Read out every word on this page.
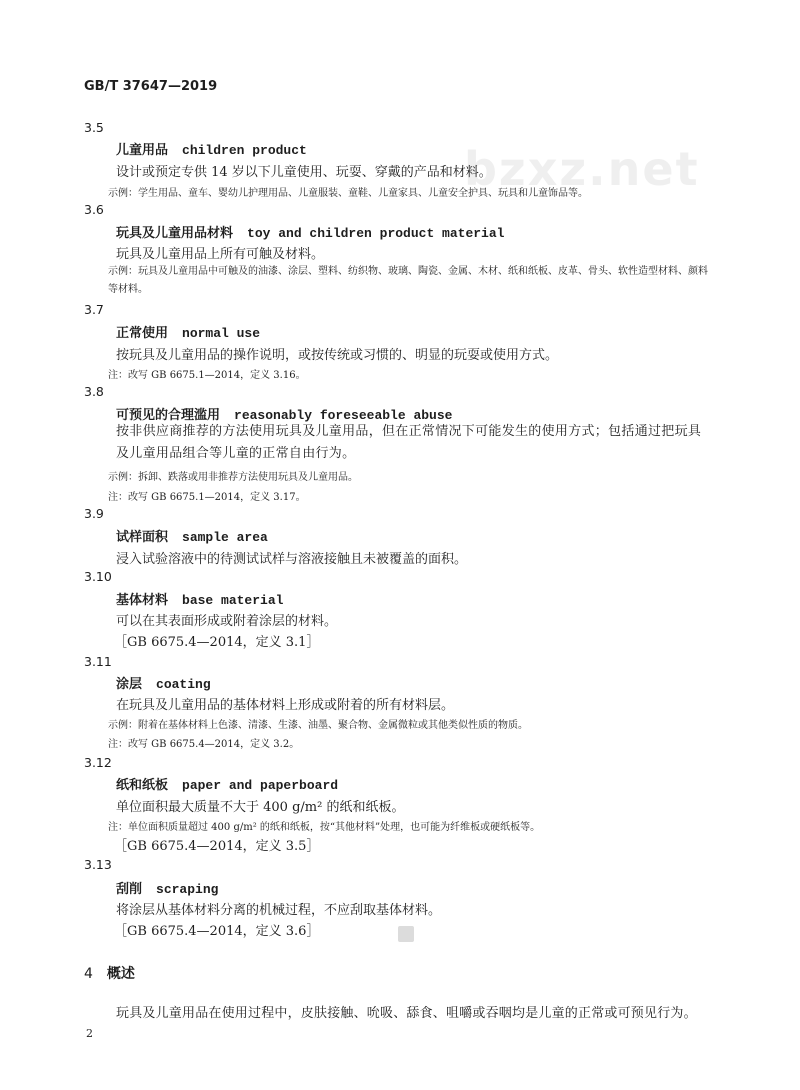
bzxz.net
GB/T 37647—2019
3.5
儿童用品 children product
设计或预定专供 14 岁以下儿童使用、玩耍、穿戴的产品和材料。
示例：学生用品、童车、婴幼儿护理用品、儿童服装、童鞋、儿童家具、儿童安全护具、玩具和儿童饰品等。
3.6
玩具及儿童用品材料 toy and children product material
玩具及儿童用品上所有可触及材料。
示例：玩具及儿童用品中可触及的油漆、涂层、塑料、纺织物、玻璃、陶瓷、金属、木材、纸和纸板、皮革、骨头、软性造型材料、颜料等材料。
3.7
正常使用 normal use
按玩具及儿童用品的操作说明，或按传统或习惯的、明显的玩耍或使用方式。
注：改写 GB 6675.1—2014，定义 3.16。
3.8
可预见的合理滥用 reasonably foreseeable abuse
按非供应商推荐的方法使用玩具及儿童用品，但在正常情况下可能发生的使用方式；包括通过把玩具及儿童用品组合等儿童的正常自由行为。
示例：拆卸、跌落或用非推荐方法使用玩具及儿童用品。
注：改写 GB 6675.1—2014，定义 3.17。
3.9
试样面积 sample area
浸入试验溶液中的待测试试样与溶液接触且未被覆盖的面积。
3.10
基体材料 base material
可以在其表面形成或附着涂层的材料。
［GB 6675.4—2014，定义 3.1］
3.11
涂层 coating
在玩具及儿童用品的基体材料上形成或附着的所有材料层。
示例：附着在基体材料上色漆、清漆、生漆、油墨、聚合物、金属微粒或其他类似性质的物质。
注：改写 GB 6675.4—2014，定义 3.2。
3.12
纸和纸板 paper and paperboard
单位面积最大质量不大于 400 g/m² 的纸和纸板。
注：单位面积质量超过 400 g/m² 的纸和纸板，按“其他材料”处理，也可能为纤维板或硬纸板等。
［GB 6675.4—2014，定义 3.5］
3.13
刮削 scraping
将涂层从基体材料分离的机械过程，不应刮取基体材料。
［GB 6675.4—2014，定义 3.6］
4 概述
玩具及儿童用品在使用过程中，皮肤接触、吮吸、舔食、咀嚼或吞咽均是儿童的正常或可预见行为。
2
